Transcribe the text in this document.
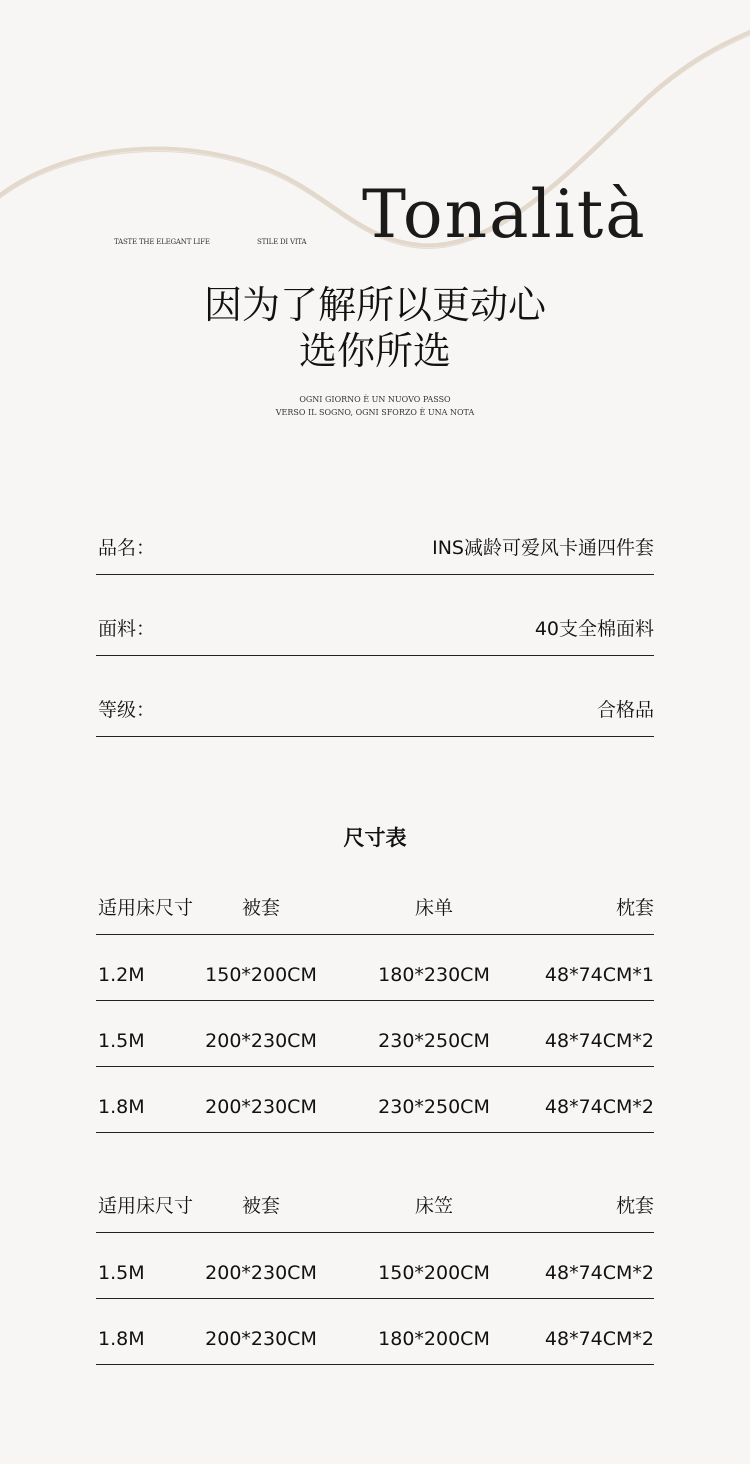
TASTE THE ELEGANT LIFE	STILE DI VITA Tonalità
因为了解所以更动心
选你所选
OGNI GIORNO È UN NUOVO PASSO
VERSO IL SOGNO, OGNI SFORZO È UNA NOTA
品名：	INS减龄可爱风卡通四件套
面料：	40支全棉面料
等级：	合格品
尺寸表
适用床尺寸	被套	床单	枕套
1.2M	150*200CM	180*230CM	48*74CM*1
1.5M	200*230CM	230*250CM	48*74CM*2
1.8M	200*230CM	230*250CM	48*74CM*2
适用床尺寸	被套	床笠	枕套
1.5M	200*230CM	150*200CM	48*74CM*2
1.8M	200*230CM	180*200CM	48*74CM*2
